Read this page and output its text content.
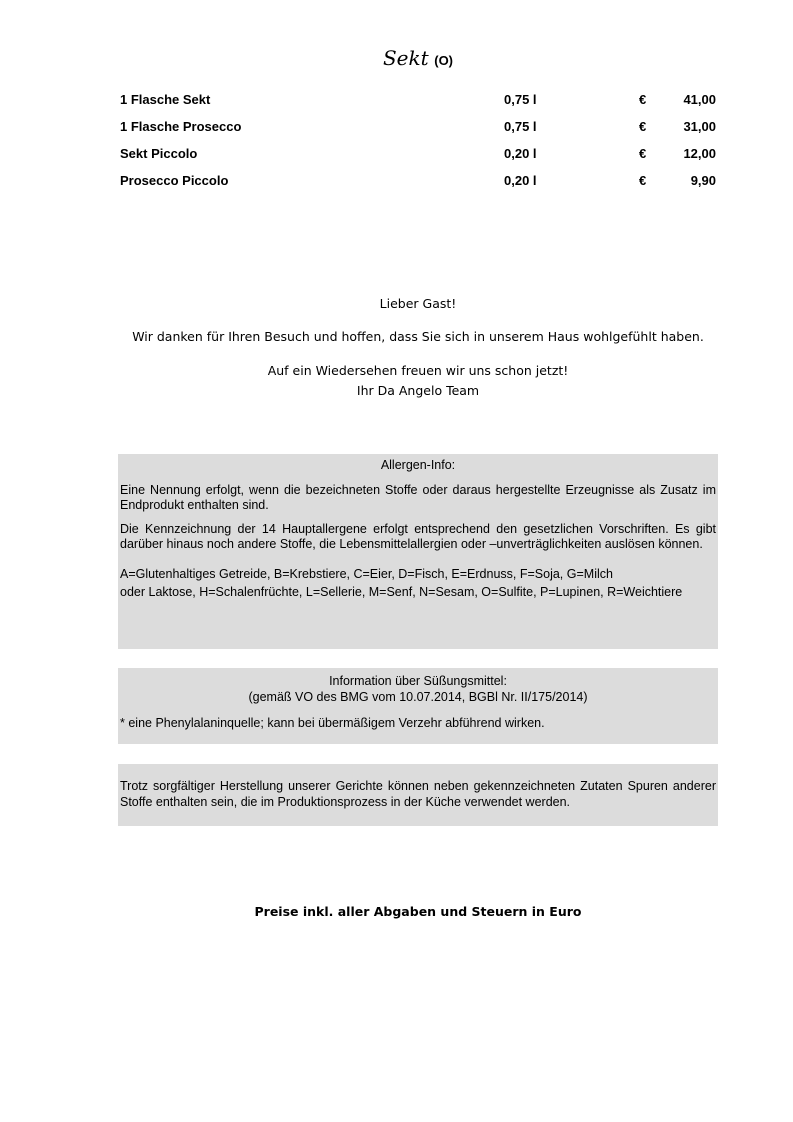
Sekt (O)
1 Flasche Sekt	0,75 l	€	41,00
1 Flasche Prosecco	0,75 l	€	31,00
Sekt Piccolo	0,20 l	€	12,00
Prosecco Piccolo	0,20 l	€	9,90
Lieber Gast!
Wir danken für Ihren Besuch und hoffen, dass Sie sich in unserem Haus wohlgefühlt haben.
Auf ein Wiedersehen freuen wir uns schon jetzt!
Ihr Da Angelo Team

Allergen-Info:

Eine Nennung erfolgt, wenn die bezeichneten Stoffe oder daraus hergestellte Erzeugnisse als Zusatz im Endprodukt enthalten sind.

Die Kennzeichnung der 14 Hauptallergene erfolgt entsprechend den gesetzlichen Vorschriften. Es gibt darüber hinaus noch andere Stoffe, die Lebensmittelallergien oder –unverträglichkeiten auslösen können.

A=Glutenhaltiges Getreide, B=Krebstiere, C=Eier, D=Fisch, E=Erdnuss, F=Soja, G=Milch

oder Laktose, H=Schalenfrüchte, L=Sellerie, M=Senf, N=Sesam, O=Sulfite, P=Lupinen, R=Weichtiere

Information über Süßungsmittel:

(gemäß VO des BMG vom 10.07.2014, BGBl Nr. II/175/2014)

* eine Phenylalaninquelle; kann bei übermäßigem Verzehr abführend wirken.

Trotz sorgfältiger Herstellung unserer Gerichte können neben gekennzeichneten Zutaten Spuren anderer Stoffe enthalten sein, die im Produktionsprozess in der Küche verwendet werden.

Preise inkl. aller Abgaben und Steuern in Euro
